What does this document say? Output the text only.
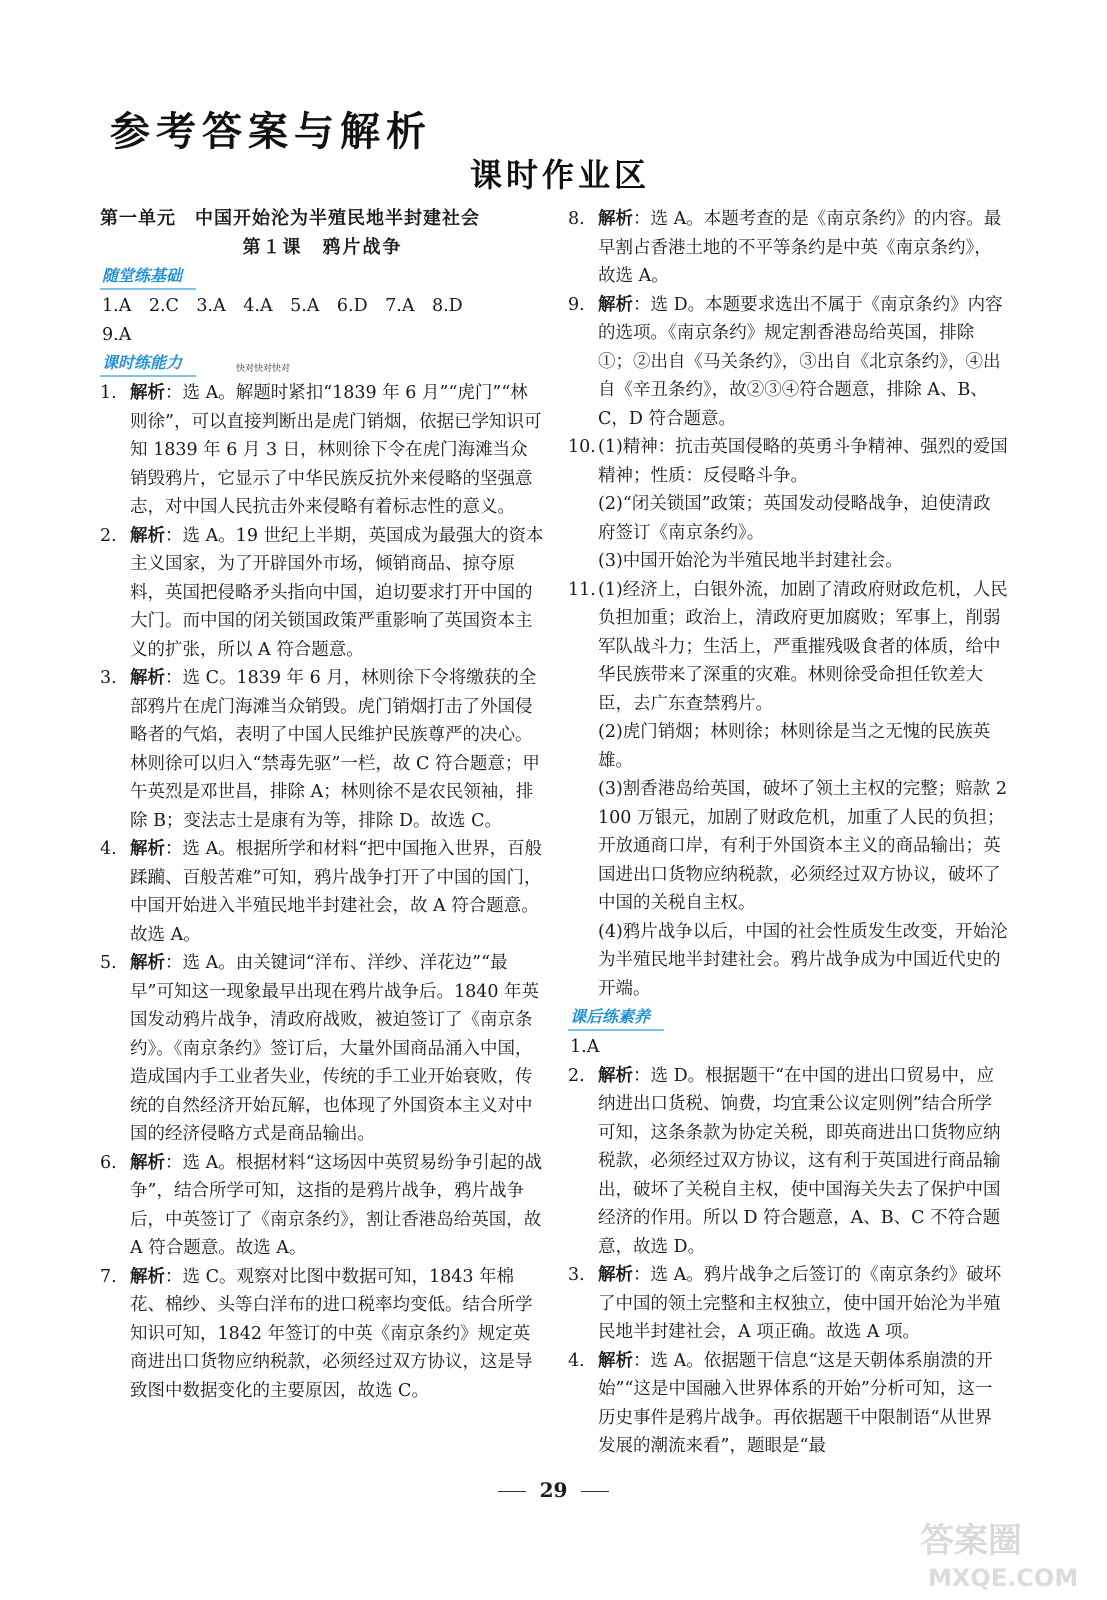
参考答案与解析
课时作业区
第一单元　中国开始沦为半殖民地半封建社会
第１课　鸦片战争
随堂练基础

1.A　2.C　3.A　4.A　5.A　6.D　7.A　8.D

9.A

课时练能力

1. 解析：选 A。解题时紧扣“1839 年 6 月”“虎门”“林则徐”，可以直接判断出是虎门销烟，依据已学知识可知 1839 年 6 月 3 日，林则徐下令在虎门海滩当众销毁鸦片，它显示了中华民族反抗外来侵略的坚强意志，对中国人民抗击外来侵略有着标志性的意义。

2. 解析：选 A。19 世纪上半期，英国成为最强大的资本主义国家，为了开辟国外市场，倾销商品、掠夺原料，英国把侵略矛头指向中国，迫切要求打开中国的大门。而中国的闭关锁国政策严重影响了英国资本主义的扩张，所以 A 符合题意。

3. 解析：选 C。1839 年 6 月，林则徐下令将缴获的全部鸦片在虎门海滩当众销毁。虎门销烟打击了外国侵略者的气焰，表明了中国人民维护民族尊严的决心。林则徐可以归入“禁毒先驱”一栏，故 C 符合题意；甲午英烈是邓世昌，排除 A；林则徐不是农民领袖，排除 B；变法志士是康有为等，排除 D。故选 C。

4. 解析：选 A。根据所学和材料“把中国拖入世界，百般蹂躏、百般苦难”可知，鸦片战争打开了中国的国门，中国开始进入半殖民地半封建社会，故 A 符合题意。故选 A。

5. 解析：选 A。由关键词“洋布、洋纱、洋花边”“最早”可知这一现象最早出现在鸦片战争后。1840 年英国发动鸦片战争，清政府战败，被迫签订了《南京条约》。《南京条约》签订后，大量外国商品涌入中国，造成国内手工业者失业，传统的手工业开始衰败，传统的自然经济开始瓦解，也体现了外国资本主义对中国的经济侵略方式是商品输出。

6. 解析：选 A。根据材料“这场因中英贸易纷争引起的战争”，结合所学可知，这指的是鸦片战争，鸦片战争后，中英签订了《南京条约》，割让香港岛给英国，故 A 符合题意。故选 A。

7. 解析：选 C。观察对比图中数据可知，1843 年棉花、棉纱、头等白洋布的进口税率均变低。结合所学知识可知，1842 年签订的中英《南京条约》规定英商进出口货物应纳税款，必须经过双方协议，这是导致图中数据变化的主要原因，故选 C。

快对快对快对

8. 解析：选 A。本题考查的是《南京条约》的内容。最早割占香港土地的不平等条约是中英《南京条约》，故选 A。

9. 解析：选 D。本题要求选出不属于《南京条约》内容的选项。《南京条约》规定割香港岛给英国，排除①；②出自《马关条约》，③出自《北京条约》，④出自《辛丑条约》，故②③④符合题意，排除 A、B、C，D 符合题意。

10. (1)精神：抗击英国侵略的英勇斗争精神、强烈的爱国精神；性质：反侵略斗争。

(2)“闭关锁国”政策；英国发动侵略战争，迫使清政府签订《南京条约》。

(3)中国开始沦为半殖民地半封建社会。

11. (1)经济上，白银外流，加剧了清政府财政危机，人民负担加重；政治上，清政府更加腐败；军事上，削弱军队战斗力；生活上，严重摧残吸食者的体质，给中华民族带来了深重的灾难。林则徐受命担任钦差大臣，去广东查禁鸦片。

(2)虎门销烟；林则徐；林则徐是当之无愧的民族英雄。

(3)割香港岛给英国，破坏了领土主权的完整；赔款 2 100 万银元，加剧了财政危机，加重了人民的负担；开放通商口岸，有利于外国资本主义的商品输出；英国进出口货物应纳税款，必须经过双方协议，破坏了中国的关税自主权。

(4)鸦片战争以后，中国的社会性质发生改变，开始沦为半殖民地半封建社会。鸦片战争成为中国近代史的开端。

课后练素养

1.A

2. 解析：选 D。根据题干“在中国的进出口贸易中，应纳进出口货税、饷费，均宜秉公议定则例”结合所学可知，这条条款为协定关税，即英商进出口货物应纳税款，必须经过双方协议，这有利于英国进行商品输出，破坏了关税自主权，使中国海关失去了保护中国经济的作用。所以 D 符合题意，A、B、C 不符合题意，故选 D。

3. 解析：选 A。鸦片战争之后签订的《南京条约》破坏了中国的领土完整和主权独立，使中国开始沦为半殖民地半封建社会，A 项正确。故选 A 项。

4. 解析：选 A。依据题干信息“这是天朝体系崩溃的开始”“这是中国融入世界体系的开始”分析可知，这一历史事件是鸦片战争。再依据题干中限制语“从世界发展的潮流来看”，题眼是“最

29
答案圈
MXQE.COM
